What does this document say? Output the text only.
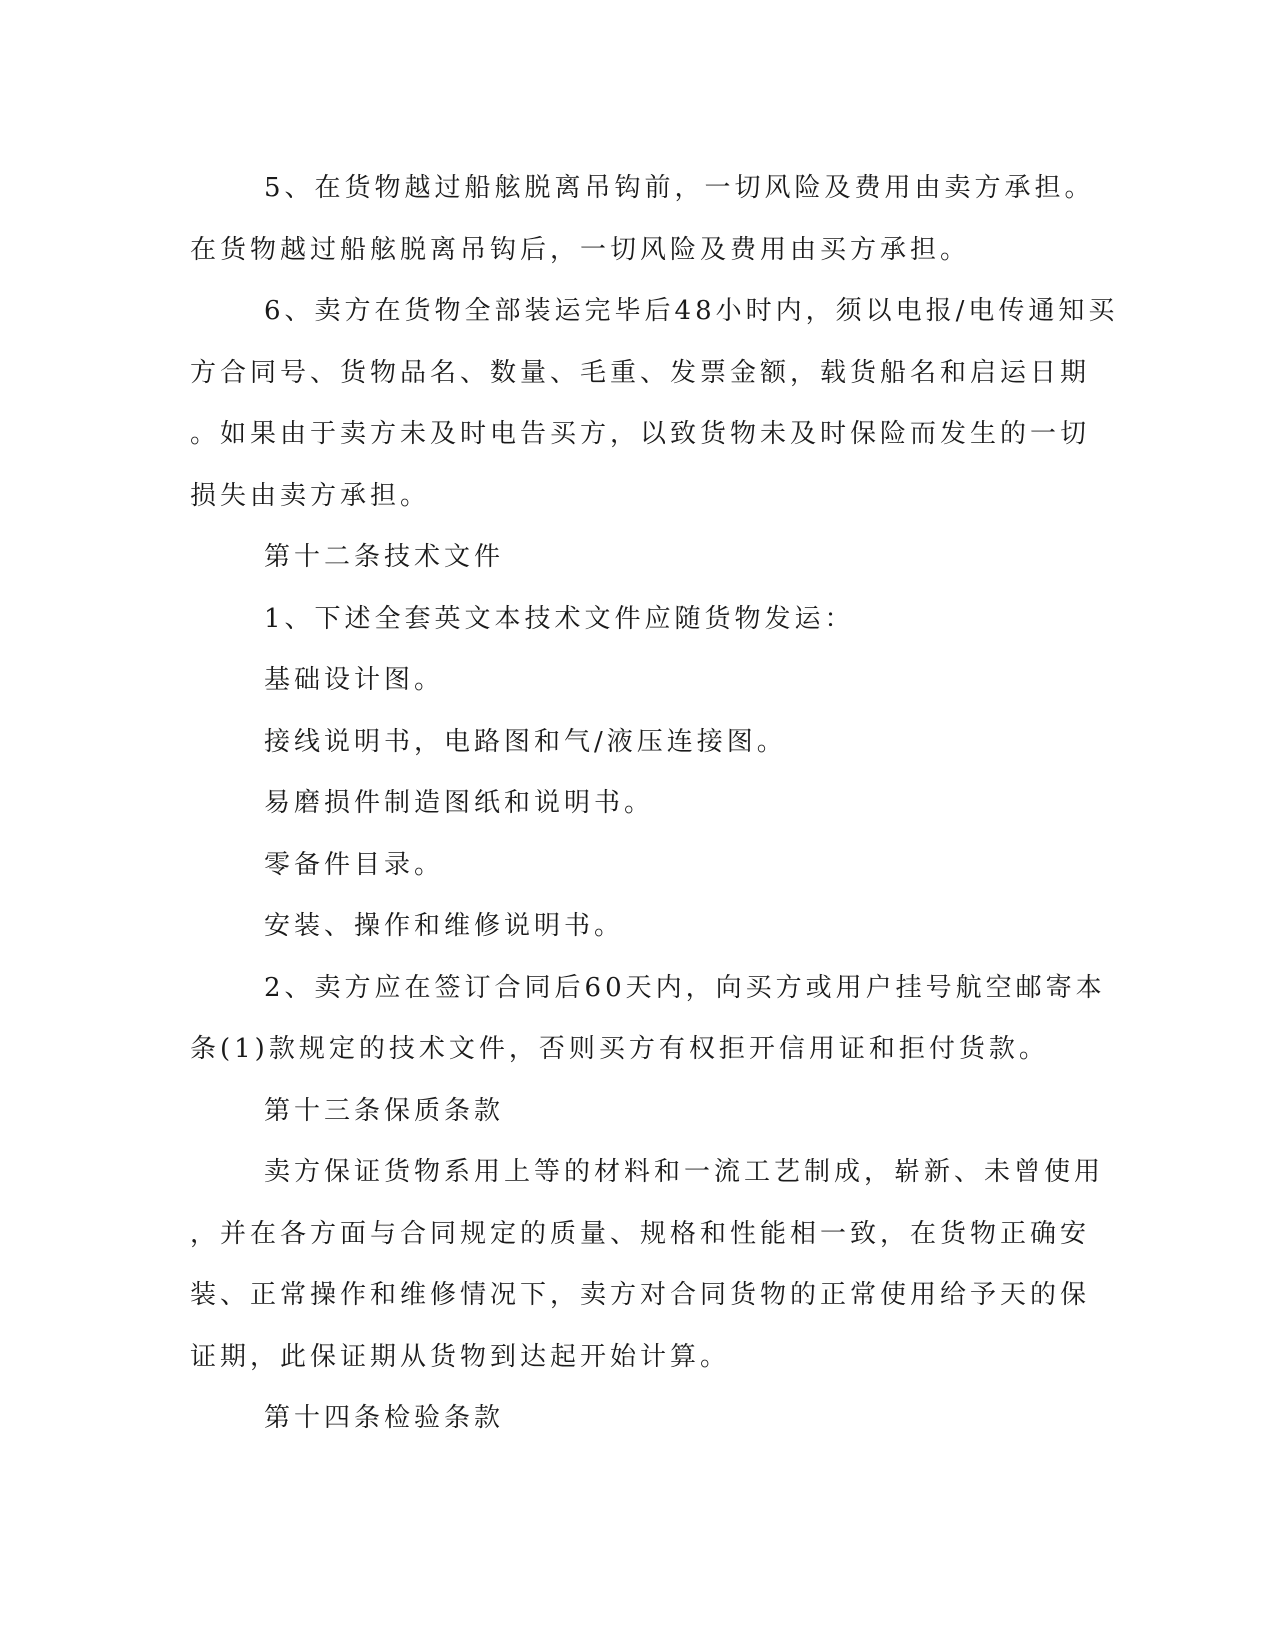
5、在货物越过船舷脱离吊钩前，一切风险及费用由卖方承担。
在货物越过船舷脱离吊钩后，一切风险及费用由买方承担。
6、卖方在货物全部装运完毕后48小时内，须以电报/电传通知买
方合同号、货物品名、数量、毛重、发票金额，载货船名和启运日期
。如果由于卖方未及时电告买方，以致货物未及时保险而发生的一切
损失由卖方承担。
第十二条技术文件
1、下述全套英文本技术文件应随货物发运：
基础设计图。
接线说明书，电路图和气/液压连接图。
易磨损件制造图纸和说明书。
零备件目录。
安装、操作和维修说明书。
2、卖方应在签订合同后60天内，向买方或用户挂号航空邮寄本
条(1)款规定的技术文件，否则买方有权拒开信用证和拒付货款。
第十三条保质条款
卖方保证货物系用上等的材料和一流工艺制成，崭新、未曾使用
，并在各方面与合同规定的质量、规格和性能相一致，在货物正确安
装、正常操作和维修情况下，卖方对合同货物的正常使用给予天的保
证期，此保证期从货物到达起开始计算。
第十四条检验条款
